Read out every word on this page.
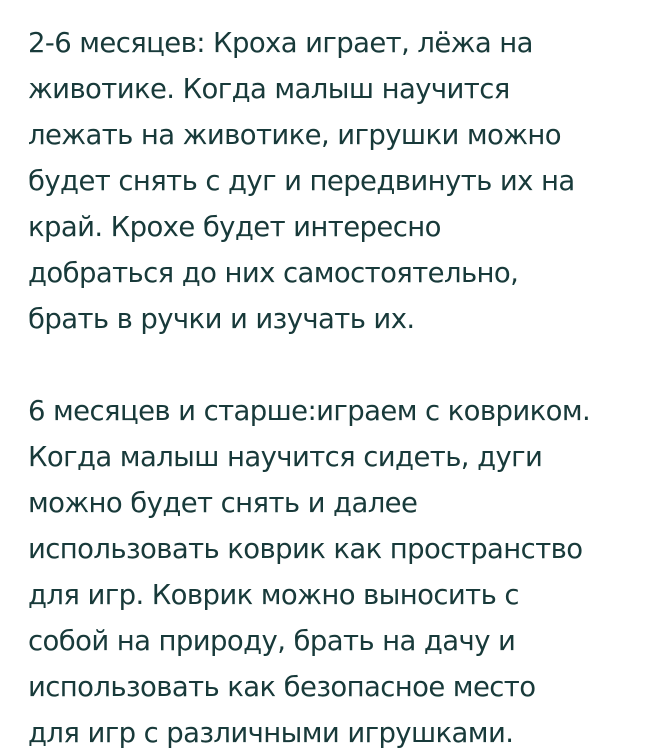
2-6 месяцев: Кроха играет, лёжа на
животике. Когда малыш научится
лежать на животике, игрушки можно
будет снять с дуг и передвинуть их на
край. Крохе будет интересно
добраться до них самостоятельно,
брать в ручки и изучать их.

6 месяцев и старше:играем с ковриком.
Когда малыш научится сидеть, дуги
можно будет снять и далее
использовать коврик как пространство
для игр. Коврик можно выносить с
собой на природу, брать на дачу и
использовать как безопасное место
для игр с различными игрушками.
